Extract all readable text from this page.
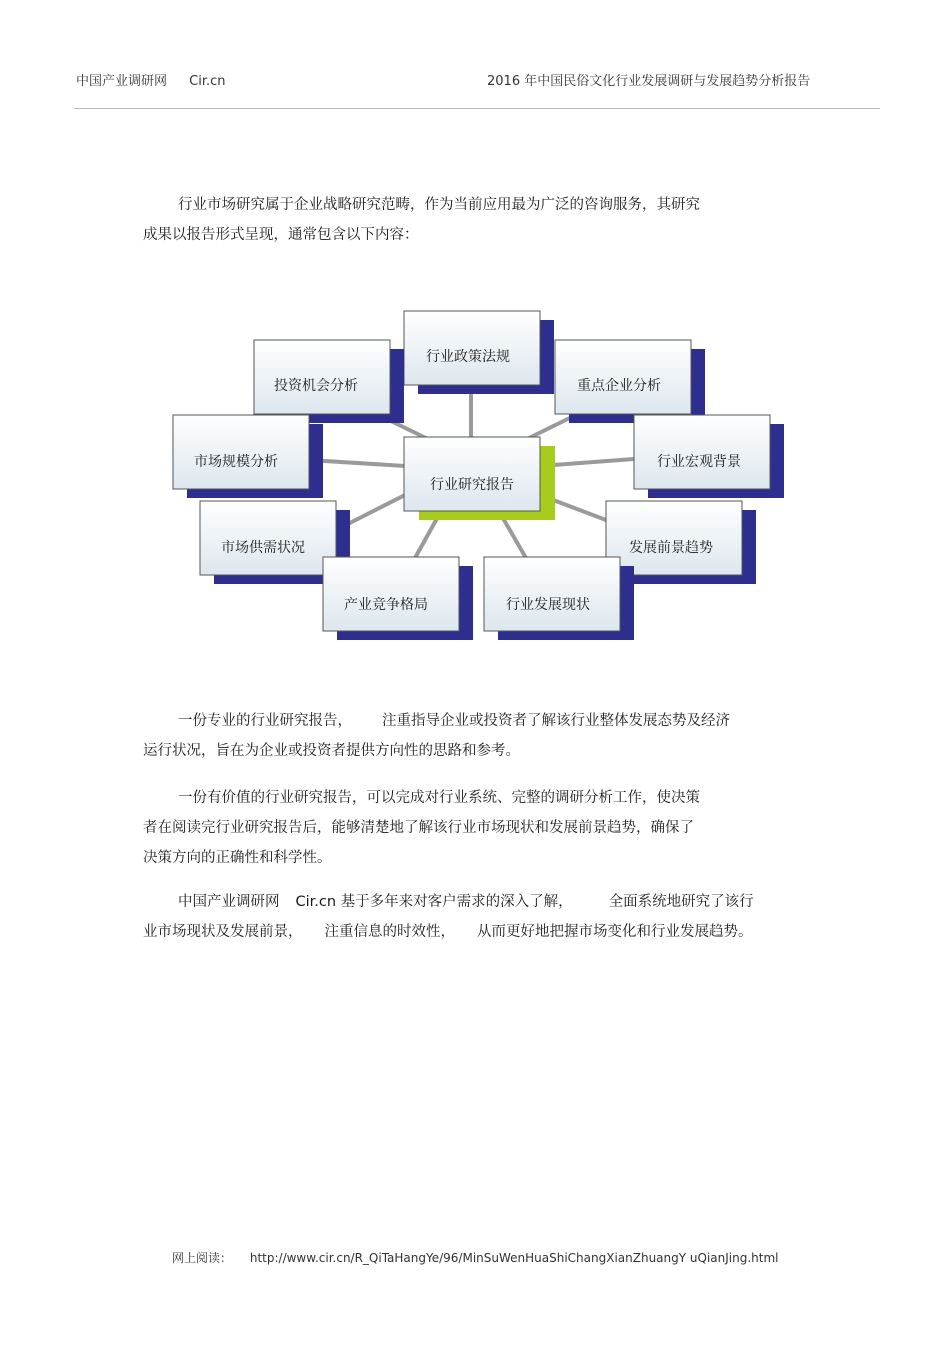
中国产业调研网 Cir.cn	2016 年中国民俗文化行业发展调研与发展趋势分析报告
行业市场研究属于企业战略研究范畴，作为当前应用最为广泛的咨询服务，其研究
成果以报告形式呈现，通常包含以下内容：
行业研究报告
行业政策法规
投资机会分析	重点企业分析
市场规模分析	行业宏观背景
市场供需状况	发展前景趋势
产业竞争格局	行业发展现状
一份专业的行业研究报告， 注重指导企业或投资者了解该行业整体发展态势及经济
运行状况，旨在为企业或投资者提供方向性的思路和参考。
一份有价值的行业研究报告，可以完成对行业系统、完整的调研分析工作，使决策
者在阅读完行业研究报告后，能够清楚地了解该行业市场现状和发展前景趋势，确保了
决策方向的正确性和科学性。
中国产业调研网 Cir.cn 基于多年来对客户需求的深入了解， 全面系统地研究了该行
业市场现状及发展前景， 注重信息的时效性， 从而更好地把握市场变化和行业发展趋势。
网上阅读： http://www.cir.cn/R_QiTaHangYe/96/MinSuWenHuaShiChangXianZhuangY uQianJing.html
